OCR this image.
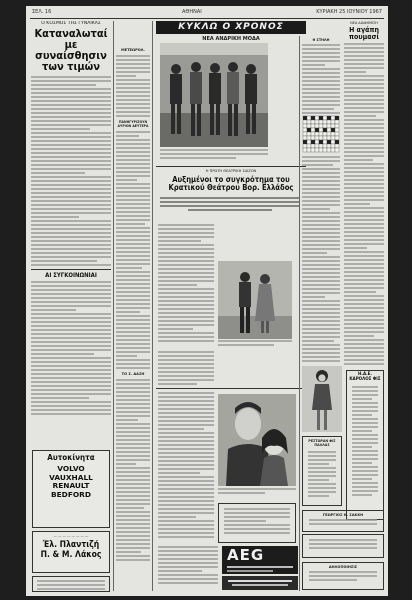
ΣΕΛ. 16	ΑΘΗΝΑΙ	ΚΥΡΙΑΚΗ 25 ΙΟΥΝΙΟΥ 1967
Ο ΚΟΣΜΟΣ ΤΗΣ ΓΥΝΑΙΚΑΣ
Καταναλωταί με συναίσθησιν των τιμών
ΑΙ ΣΥΓΚΟΙΝΩΝΙΑΙ
Αυτοκίνητα
VOLVO
VAUXHALL
RENAULT
BEDFORD
— — — — — — — —
Έλ. Πλαντιζή
Π. & Μ. Λάκος
ΜΕΤΕΩΡΟΛ.
ΠΑΝΗΓΥΡΙΖΟΥΝ ΑΥΡΙΟΝ ΔΕΥΤΕΡΑ
ΤΟ Σ. ΔΑΣΗ
ΚΥΚΛΩ Ο ΧΡΟΝΟΣ
ΝΕΑ ΑΝΔΡΙΚΗ ΜΟΔΑ
Η ΠΡΩΤΗ ΘΕΑΤΡΙΚΗ ΣΑΙΖΟΝ
Αυξημένοι το συγκρότημα του Κρατικού Θεάτρου Βορ. Ελλάδος
AEG
Η ΣΤΗΛΗ
ΝΕΑ ΔΙΑΦΗΜΙΣΗ
Η αγάπη πουμασί
Η.Α.Ε. ΚΑΡΟΛΟΣ ΦΙΣ
ΡΕΣΤΩΡΑΝ ΦΙΣ ΠΑΛΛΑΣ
ΓΕΩΡΓΙΟΣ Η. ΣΑΚΚΗ
ΔΗΛΟΠΟΙΗΣΙΣ
